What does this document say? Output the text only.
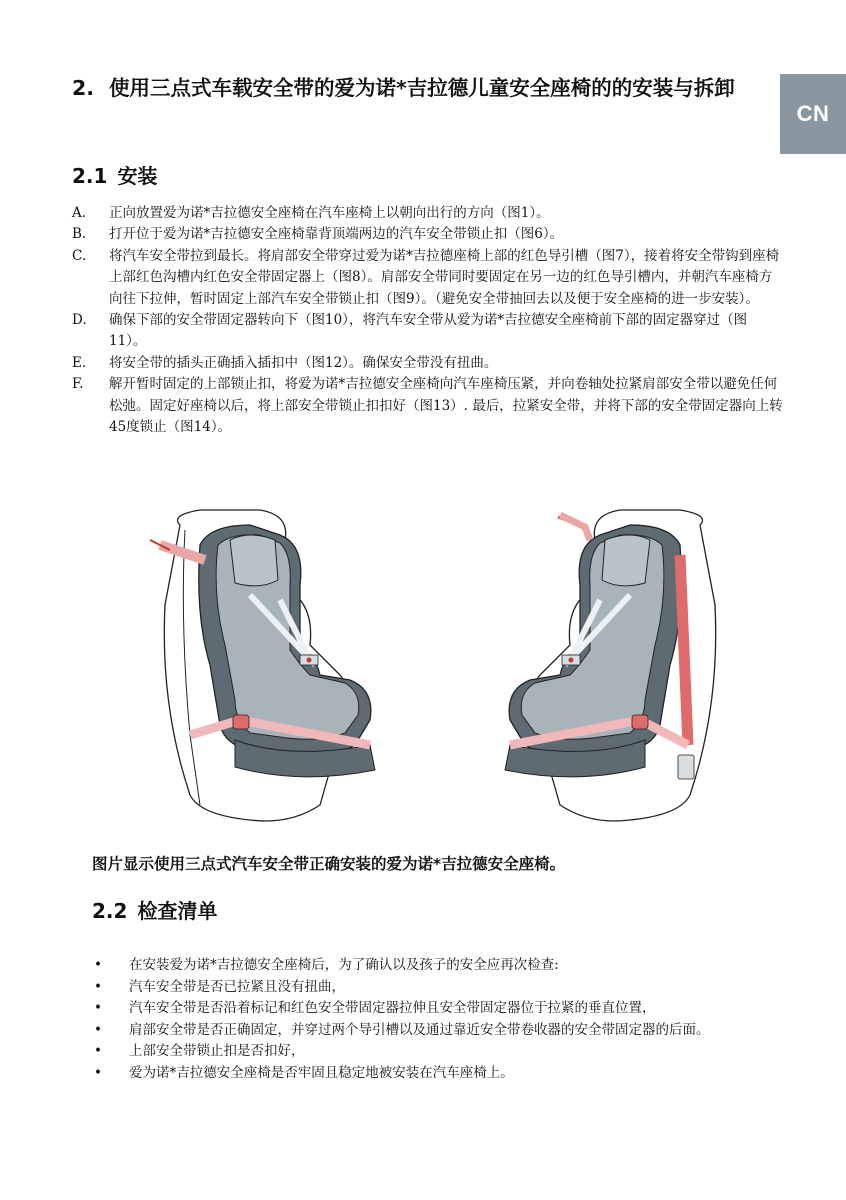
CN
2. 使用三点式车载安全带的爱为诺*吉拉德儿童安全座椅的的安装与拆卸
2.1 安装
A. 正向放置爱为诺*吉拉德安全座椅在汽车座椅上以朝向出行的方向（图1）。
B. 打开位于爱为诺*吉拉德安全座椅靠背顶端两边的汽车安全带锁止扣（图6）。
C. 将汽车安全带拉到最长。将肩部安全带穿过爱为诺*吉拉德座椅上部的红色导引槽（图7），接着将安全带钩到座椅上部红色沟槽内红色安全带固定器上（图8）。肩部安全带同时要固定在另一边的红色导引槽内，并朝汽车座椅方向往下拉伸，暂时固定上部汽车安全带锁止扣（图9）。（避免安全带抽回去以及便于安全座椅的进一步安装）。
D. 确保下部的安全带固定器转向下（图10），将汽车安全带从爱为诺*吉拉德安全座椅前下部的固定器穿过（图11）。
E. 将安全带的插头正确插入插扣中（图12）。确保安全带没有扭曲。
F. 解开暂时固定的上部锁止扣，将爱为诺*吉拉德安全座椅向汽车座椅压紧，并向卷轴处拉紧肩部安全带以避免任何松弛。固定好座椅以后，将上部安全带锁止扣扣好（图13）. 最后，拉紧安全带，并将下部的安全带固定器向上转45度锁止（图14）。
图片显示使用三点式汽车安全带正确安装的爱为诺*吉拉德安全座椅。
2.2 检查清单
• 在安装爱为诺*吉拉德安全座椅后，为了确认以及孩子的安全应再次检查:
• 汽车安全带是否已拉紧且没有扭曲，
• 汽车安全带是否沿着标记和红色安全带固定器拉伸且安全带固定器位于拉紧的垂直位置，
• 肩部安全带是否正确固定，并穿过两个导引槽以及通过靠近安全带卷收器的安全带固定器的后面。
• 上部安全带锁止扣是否扣好，
• 爱为诺*吉拉德安全座椅是否牢固且稳定地被安装在汽车座椅上。
